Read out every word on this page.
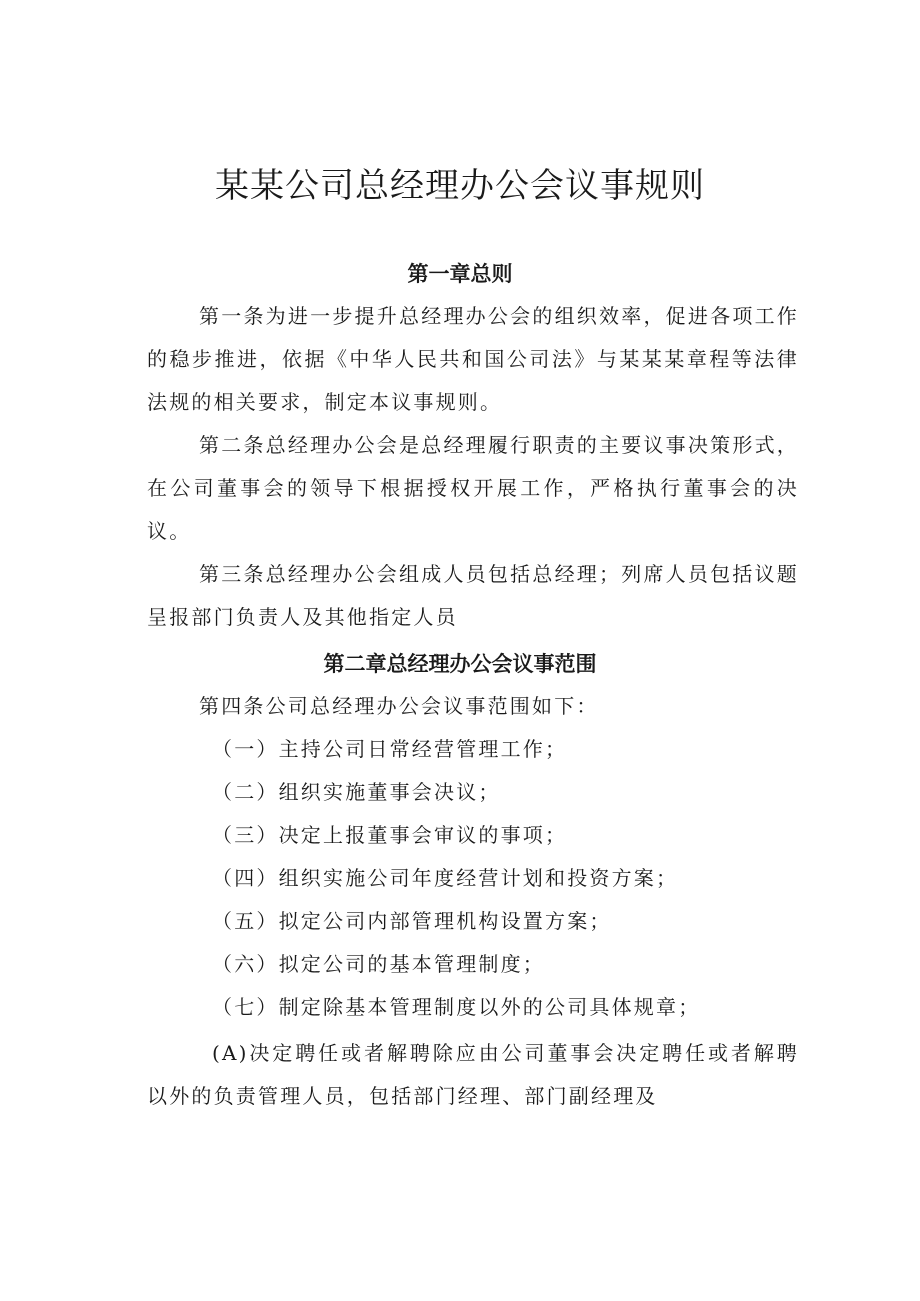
某某公司总经理办公会议事规则
第一章总则

第一条为进一步提升总经理办公会的组织效率，促进各项工作的稳步推进，依据《中华人民共和国公司法》与某某某章程等法律法规的相关要求，制定本议事规则。

第二条总经理办公会是总经理履行职责的主要议事决策形式，在公司董事会的领导下根据授权开展工作，严格执行董事会的决议。

第三条总经理办公会组成人员包括总经理；列席人员包括议题呈报部门负责人及其他指定人员

第二章总经理办公会议事范围
第四条公司总经理办公会议事范围如下：
（一）主持公司日常经营管理工作；
（二）组织实施董事会决议；
（三）决定上报董事会审议的事项；
（四）组织实施公司年度经营计划和投资方案；
（五）拟定公司内部管理机构设置方案；
（六）拟定公司的基本管理制度；
（七）制定除基本管理制度以外的公司具体规章；

(A)决定聘任或者解聘除应由公司董事会决定聘任或者解聘以外的负责管理人员，包括部门经理、部门副经理及
